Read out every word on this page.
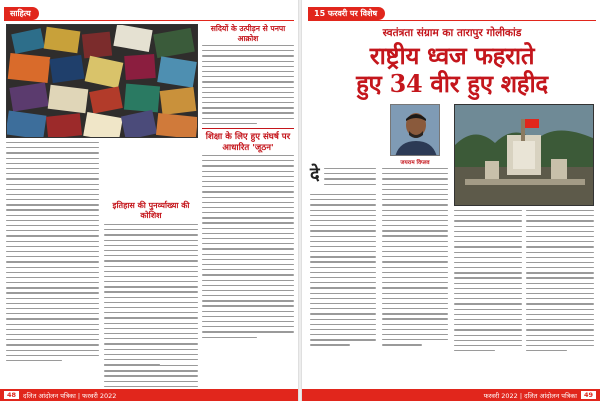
साहित्य
सदियों के उत्पीड़न से पनपा आक्रोश
शिक्षा के लिए हुए संघर्ष पर आधारित 'जूठन'
इतिहास की पुनर्व्याख्या की कोशिश
48	दलित आंदोलन पत्रिका | फरवरी 2022
15 फरवरी पर विशेष
स्वतंत्रता संग्राम का तारापुर गोलीकांड
राष्ट्रीय ध्वज फहराते
हुए 34 वीर हुए शहीद
जयराम विप्लव
दे
फरवरी 2022 | दलित आंदोलन पत्रिका	49
